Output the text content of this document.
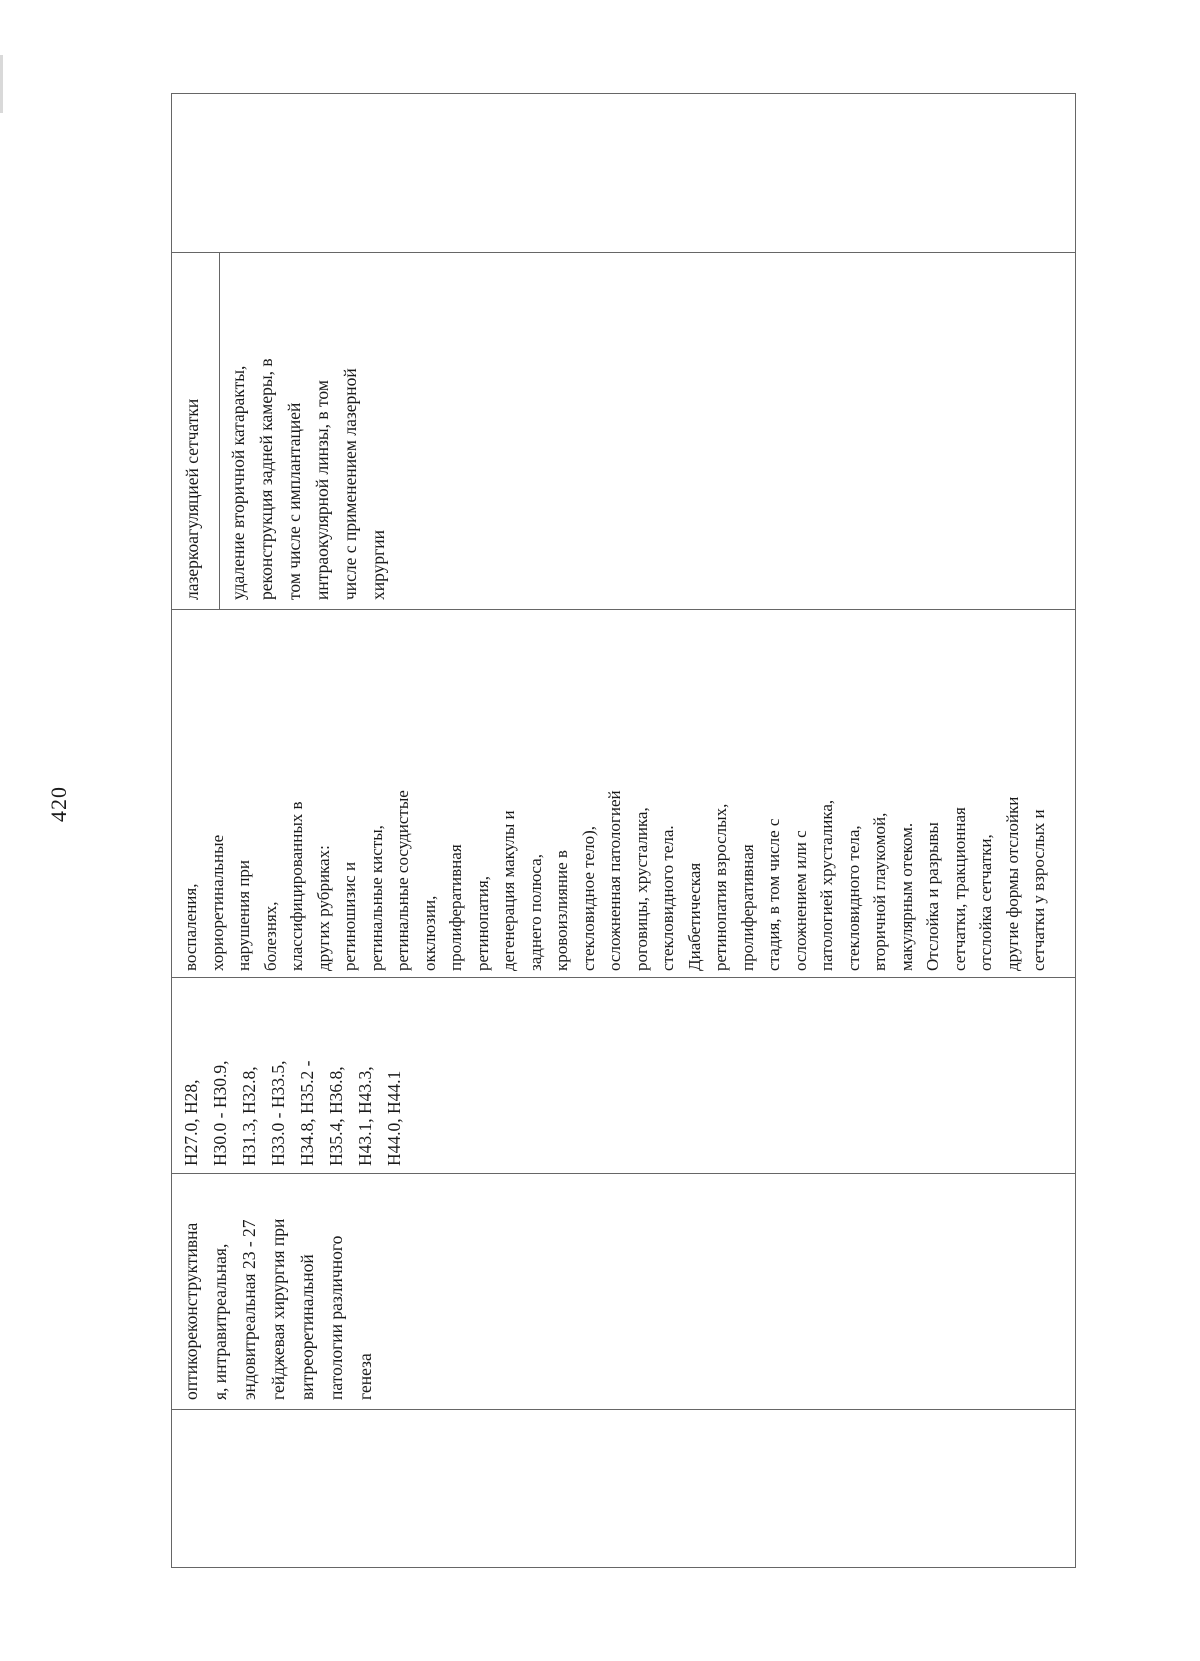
420
оптикореконструктивна я, интравитреальная, эндовитреальная 23 - 27 гейджевая хирургия при витреоретинальной патологии различного генеза
H27.0, H28, H30.0 - H30.9, H31.3, H32.8, H33.0 - H33.5, H34.8, H35.2 - H35.4, H36.8, H43.1, H43.3, H44.0, H44.1
воспаления, хориоретинальные нарушения при болезнях, классифицированных в других рубриках: ретиношизис и ретинальные кисты, ретинальные сосудистые окклюзии, пролиферативная ретинопатия, дегенерация макулы и заднего полюса, кровоизлияние в стекловидное тело), осложненная патологией роговицы, хрусталика, стекловидного тела. Диабетическая ретинопатия взрослых, пролиферативная стадия, в том числе с осложнением или с патологией хрусталика, стекловидного тела, вторичной глаукомой, макулярным отеком. Отслойка и разрывы сетчатки, тракционная отслойка сетчатки, другие формы отслойки сетчатки у взрослых и
лазеркоагуляцией сетчатки удаление вторичной катаракты, реконструкция задней камеры, в том числе с имплантацией интраокулярной линзы, в том числе с применением лазерной хирургии
